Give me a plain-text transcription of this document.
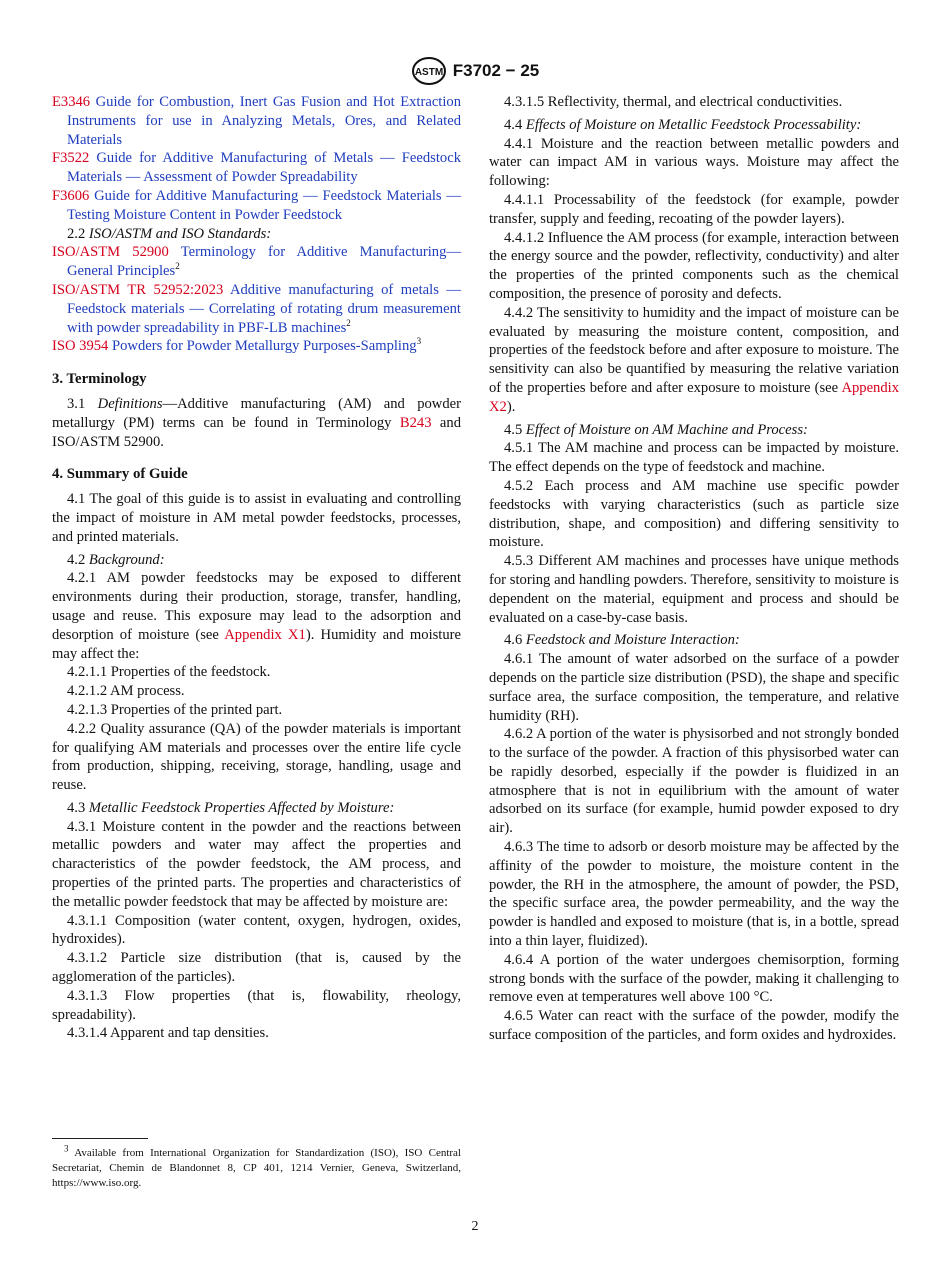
ASTM F3702 − 25

E3346 Guide for Combustion, Inert Gas Fusion and Hot Extraction Instruments for use in Analyzing Metals, Ores, and Related Materials

F3522 Guide for Additive Manufacturing of Metals — Feedstock Materials — Assessment of Powder Spreadability

F3606 Guide for Additive Manufacturing — Feedstock Materials — Testing Moisture Content in Powder Feedstock

2.2 ISO/ASTM and ISO Standards:

ISO/ASTM 52900 Terminology for Additive Manufacturing—General Principles$^2$

ISO/ASTM TR 52952:2023 Additive manufacturing of metals — Feedstock materials — Correlating of rotating drum measurement with powder spreadability in PBF-LB machines$^2$

ISO 3954 Powders for Powder Metallurgy Purposes-Sampling$^3$

3. Terminology

3.1 Definitions—Additive manufacturing (AM) and powder metallurgy (PM) terms can be found in Terminology B243 and ISO/ASTM 52900.

4. Summary of Guide

4.1 The goal of this guide is to assist in evaluating and controlling the impact of moisture in AM metal powder feedstocks, processes, and printed materials.

4.2 Background:

4.2.1 AM powder feedstocks may be exposed to different environments during their production, storage, transfer, handling, usage and reuse. This exposure may lead to the adsorption and desorption of moisture (see Appendix X1). Humidity and moisture may affect the:

4.2.1.1 Properties of the feedstock.

4.2.1.2 AM process.

4.2.1.3 Properties of the printed part.

4.2.2 Quality assurance (QA) of the powder materials is important for qualifying AM materials and processes over the entire life cycle from production, shipping, receiving, storage, handling, usage and reuse.

4.3 Metallic Feedstock Properties Affected by Moisture:

4.3.1 Moisture content in the powder and the reactions between metallic powders and water may affect the properties and characteristics of the powder feedstock, the AM process, and properties of the printed parts. The properties and characteristics of the metallic powder feedstock that may be affected by moisture are:

4.3.1.1 Composition (water content, oxygen, hydrogen, oxides, hydroxides).

4.3.1.2 Particle size distribution (that is, caused by the agglomeration of the particles).

4.3.1.3 Flow properties (that is, flowability, rheology, spreadability).

4.3.1.4 Apparent and tap densities.

4.3.1.5 Reflectivity, thermal, and electrical conductivities.

4.4 Effects of Moisture on Metallic Feedstock Processability:

4.4.1 Moisture and the reaction between metallic powders and water can impact AM in various ways. Moisture may affect the following:

4.4.1.1 Processability of the feedstock (for example, powder transfer, supply and feeding, recoating of the powder layers).

4.4.1.2 Influence the AM process (for example, interaction between the energy source and the powder, reflectivity, conductivity) and alter the properties of the printed components such as the chemical composition, the presence of porosity and defects.

4.4.2 The sensitivity to humidity and the impact of moisture can be evaluated by measuring the moisture content, composition, and properties of the feedstock before and after exposure to moisture. The sensitivity can also be quantified by measuring the relative variation of the properties before and after exposure to moisture (see Appendix X2).

4.5 Effect of Moisture on AM Machine and Process:

4.5.1 The AM machine and process can be impacted by moisture. The effect depends on the type of feedstock and machine.

4.5.2 Each process and AM machine use specific powder feedstocks with varying characteristics (such as particle size distribution, shape, and composition) and differing sensitivity to moisture.

4.5.3 Different AM machines and processes have unique methods for storing and handling powders. Therefore, sensitivity to moisture is dependent on the material, equipment and process and should be evaluated on a case-by-case basis.

4.6 Feedstock and Moisture Interaction:

4.6.1 The amount of water adsorbed on the surface of a powder depends on the particle size distribution (PSD), the shape and specific surface area, the surface composition, the temperature, and relative humidity (RH).

4.6.2 A portion of the water is physisorbed and not strongly bonded to the surface of the powder. A fraction of this physisorbed water can be rapidly desorbed, especially if the powder is fluidized in an atmosphere that is not in equilibrium with the amount of water adsorbed on its surface (for example, humid powder exposed to dry air).

4.6.3 The time to adsorb or desorb moisture may be affected by the affinity of the powder to moisture, the moisture content in the powder, the RH in the atmosphere, the amount of powder, the PSD, the specific surface area, the powder permeability, and the way the powder is handled and exposed to moisture (that is, in a bottle, spread into a thin layer, fluidized).

4.6.4 A portion of the water undergoes chemisorption, forming strong bonds with the surface of the powder, making it challenging to remove even at temperatures well above 100 °C.

4.6.5 Water can react with the surface of the powder, modify the surface composition of the particles, and form oxides and hydroxides.

$^3$ Available from International Organization for Standardization (ISO), ISO Central Secretariat, Chemin de Blandonnet 8, CP 401, 1214 Vernier, Geneva, Switzerland, https://www.iso.org.

2
